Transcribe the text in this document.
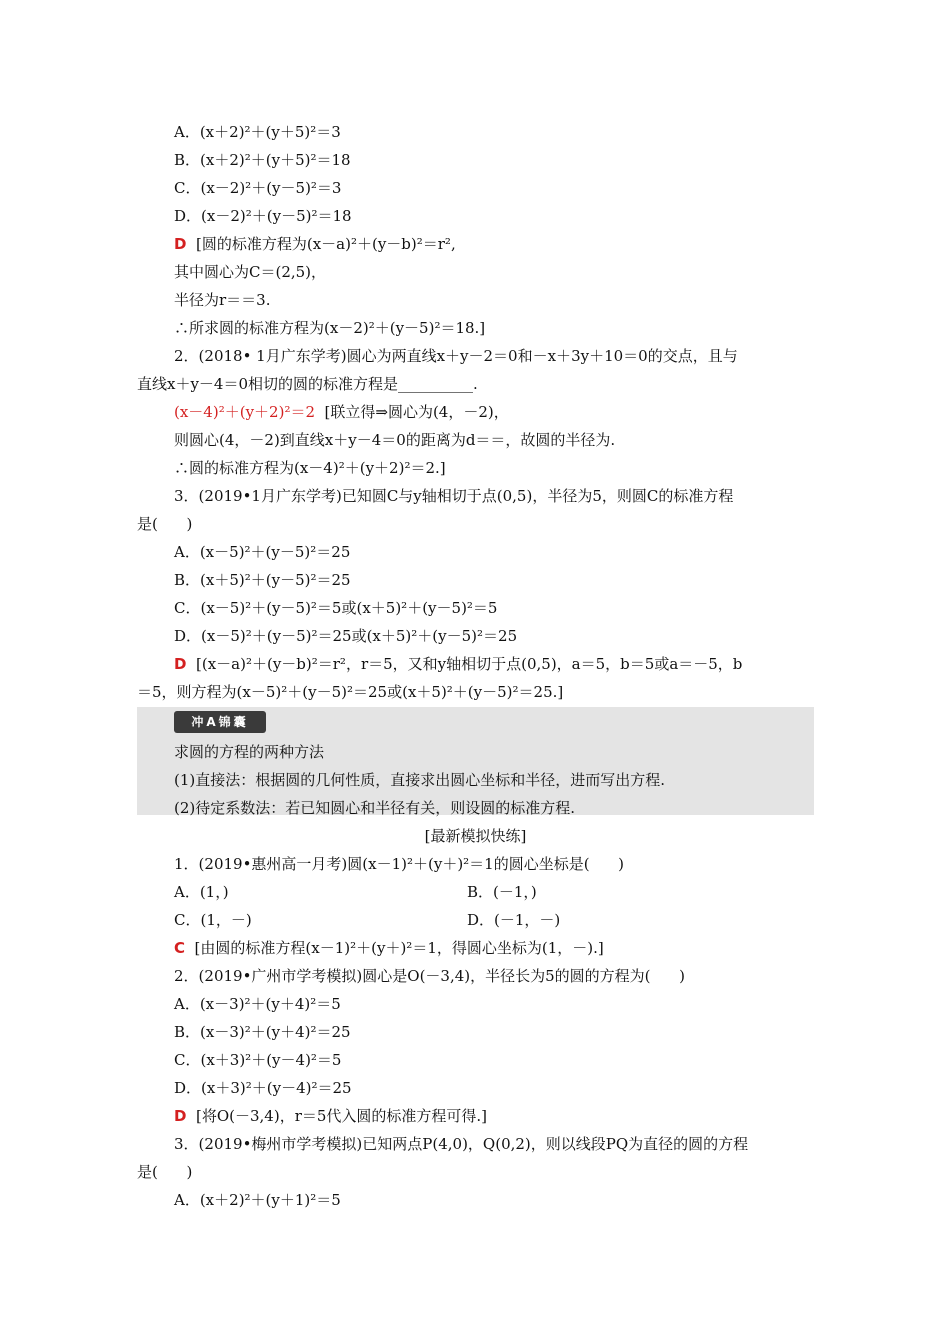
A．(x＋2)²＋(y＋5)²＝3
B．(x＋2)²＋(y＋5)²＝18
C．(x－2)²＋(y－5)²＝3
D．(x－2)²＋(y－5)²＝18
D  [圆的标准方程为(x－a)²＋(y－b)²＝r²,
其中圆心为C＝(2,5)，
半径为r＝＝3.
∴所求圆的标准方程为(x－2)²＋(y－5)²＝18.]
2．(2018• 1月广东学考)圆心为两直线x＋y－2＝0和－x＋3y＋10＝0的交点，且与
直线x＋y－4＝0相切的圆的标准方程是__________.
(x－4)²＋(y＋2)²＝2  [联立得⇒圆心为(4，－2)，
则圆心(4，－2)到直线x＋y－4＝0的距离为d＝＝，故圆的半径为.
∴圆的标准方程为(x－4)²＋(y＋2)²＝2.]
3．(2019•1月广东学考)已知圆C与y轴相切于点(0,5)，半径为5，则圆C的标准方程
是(      )
A．(x－5)²＋(y－5)²＝25
B．(x＋5)²＋(y－5)²＝25
C．(x－5)²＋(y－5)²＝5或(x＋5)²＋(y－5)²＝5
D．(x－5)²＋(y－5)²＝25或(x＋5)²＋(y－5)²＝25
D  [(x－a)²＋(y－b)²＝r²，r＝5，又和y轴相切于点(0,5)，a＝5，b＝5或a＝－5，b
＝5，则方程为(x－5)²＋(y－5)²＝25或(x＋5)²＋(y－5)²＝25.]
冲A锦囊
求圆的方程的两种方法
(1)直接法：根据圆的几何性质，直接求出圆心坐标和半径，进而写出方程.
(2)待定系数法：若已知圆心和半径有关，则设圆的标准方程.
[最新模拟快练]
1．(2019•惠州高一月考)圆(x－1)²＋(y＋)²＝1的圆心坐标是(      )
A．(1，)	B．(－1，)
C．(1，－)	D．(－1，－)
C  [由圆的标准方程(x－1)²＋(y＋)²＝1，得圆心坐标为(1，－).]
2．(2019•广州市学考模拟)圆心是O(－3,4)，半径长为5的圆的方程为(      )
A．(x－3)²＋(y＋4)²＝5
B．(x－3)²＋(y＋4)²＝25
C．(x＋3)²＋(y－4)²＝5
D．(x＋3)²＋(y－4)²＝25
D  [将O(－3,4)，r＝5代入圆的标准方程可得.]
3．(2019•梅州市学考模拟)已知两点P(4,0)，Q(0,2)，则以线段PQ为直径的圆的方程
是(      )
A．(x＋2)²＋(y＋1)²＝5
